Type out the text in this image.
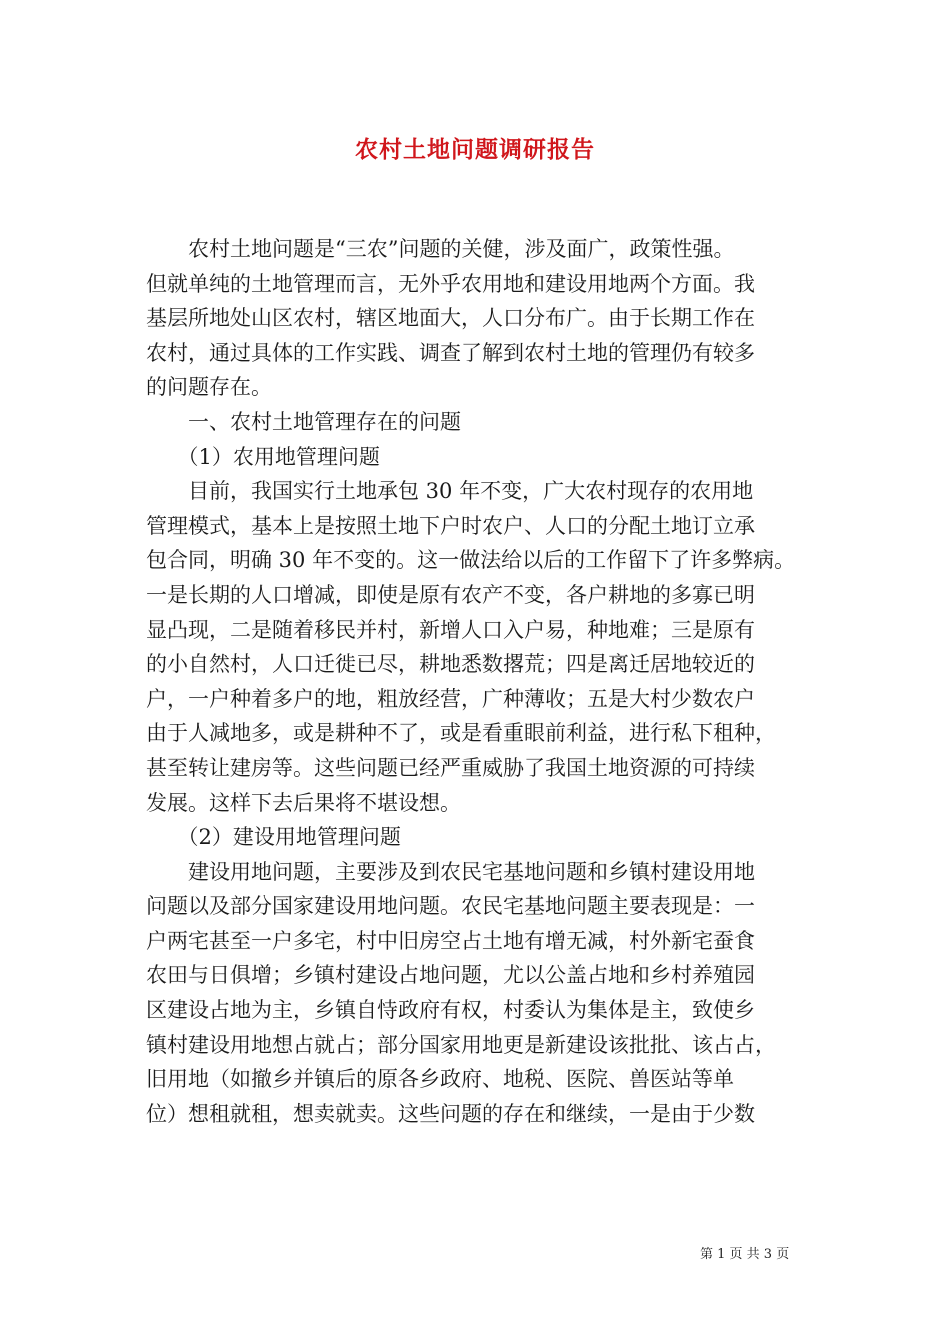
农村土地问题调研报告
　　农村土地问题是“三农”问题的关健，涉及面广，政策性强。
但就单纯的土地管理而言，无外乎农用地和建设用地两个方面。我
基层所地处山区农村，辖区地面大，人口分布广。由于长期工作在
农村，通过具体的工作实践、调查了解到农村土地的管理仍有较多
的问题存在。
　　一、农村土地管理存在的问题
　　（1）农用地管理问题
　　目前，我国实行土地承包 30 年不变，广大农村现存的农用地
管理模式，基本上是按照土地下户时农户、人口的分配土地订立承
包合同，明确 30 年不变的。这一做法给以后的工作留下了许多弊病。
一是长期的人口增减，即使是原有农产不变，各户耕地的多寡已明
显凸现，二是随着移民并村，新增人口入户易，种地难；三是原有
的小自然村，人口迁徙已尽，耕地悉数撂荒；四是离迁居地较近的
户，一户种着多户的地，粗放经营，广种薄收；五是大村少数农户
由于人减地多，或是耕种不了，或是看重眼前利益，进行私下租种，
甚至转让建房等。这些问题已经严重威胁了我国土地资源的可持续
发展。这样下去后果将不堪设想。
　　（2）建设用地管理问题
　　建设用地问题，主要涉及到农民宅基地问题和乡镇村建设用地
问题以及部分国家建设用地问题。农民宅基地问题主要表现是：一
户两宅甚至一户多宅，村中旧房空占土地有增无减，村外新宅蚕食
农田与日俱增；乡镇村建设占地问题，尤以公盖占地和乡村养殖园
区建设占地为主，乡镇自恃政府有权，村委认为集体是主，致使乡
镇村建设用地想占就占；部分国家用地更是新建设该批批、该占占，
旧用地（如撤乡并镇后的原各乡政府、地税、医院、兽医站等单
位）想租就租，想卖就卖。这些问题的存在和继续，一是由于少数
第 1 页 共 3 页
